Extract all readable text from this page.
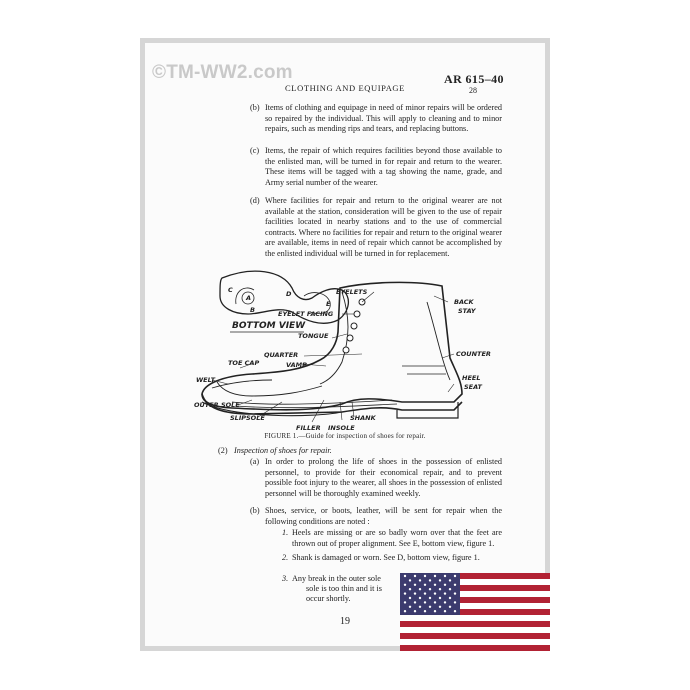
©TM-WW2.com
CLOTHING AND EQUIPAGE
AR 615–40
28
(b) Items of clothing and equipage in need of minor repairs will be ordered so repaired by the individual. This will apply to cleaning and to minor repairs, such as mending rips and tears, and replacing buttons.
(c) Items, the repair of which requires facilities beyond those available to the enlisted man, will be turned in for repair and return to the wearer. These items will be tagged with a tag showing the name, grade, and Army serial number of the wearer.
(d) Where facilities for repair and return to the original wearer are not available at the station, consideration will be given to the use of repair facilities located in nearby stations and to the use of commercial contracts. Where no facilities for repair and return to the original wearer are available, items in need of repair which cannot be accomplished by the enlisted individual will be turned in for replacement.
C
A
B
D
E
BOTTOM VIEW
EYELETS
EYELET FACING
TONGUE
QUARTER
VAMP
TOE CAP
WELT
OUTER SOLE
SLIPSOLE
FILLER INSOLE
SHANK
BACK
STAY
COUNTER
HEEL
SEAT
FIGURE 1.—Guide for inspection of shoes for repair.
(2) Inspection of shoes for repair.
(a) In order to prolong the life of shoes in the possession of enlisted personnel, to provide for their economical repair, and to prevent possible foot injury to the wearer, all shoes in the possession of enlisted personnel will be thoroughly examined weekly.
(b) Shoes, service, or boots, leather, will be sent for repair when the following conditions are noted :
1. Heels are missing or are so badly worn over that the feet are thrown out of proper alignment. See E, bottom view, figure 1.
2. Shank is damaged or worn. See D, bottom view, figure 1.
3. Any break in the outer sole
sole is too thin and it is
occur shortly.
19
